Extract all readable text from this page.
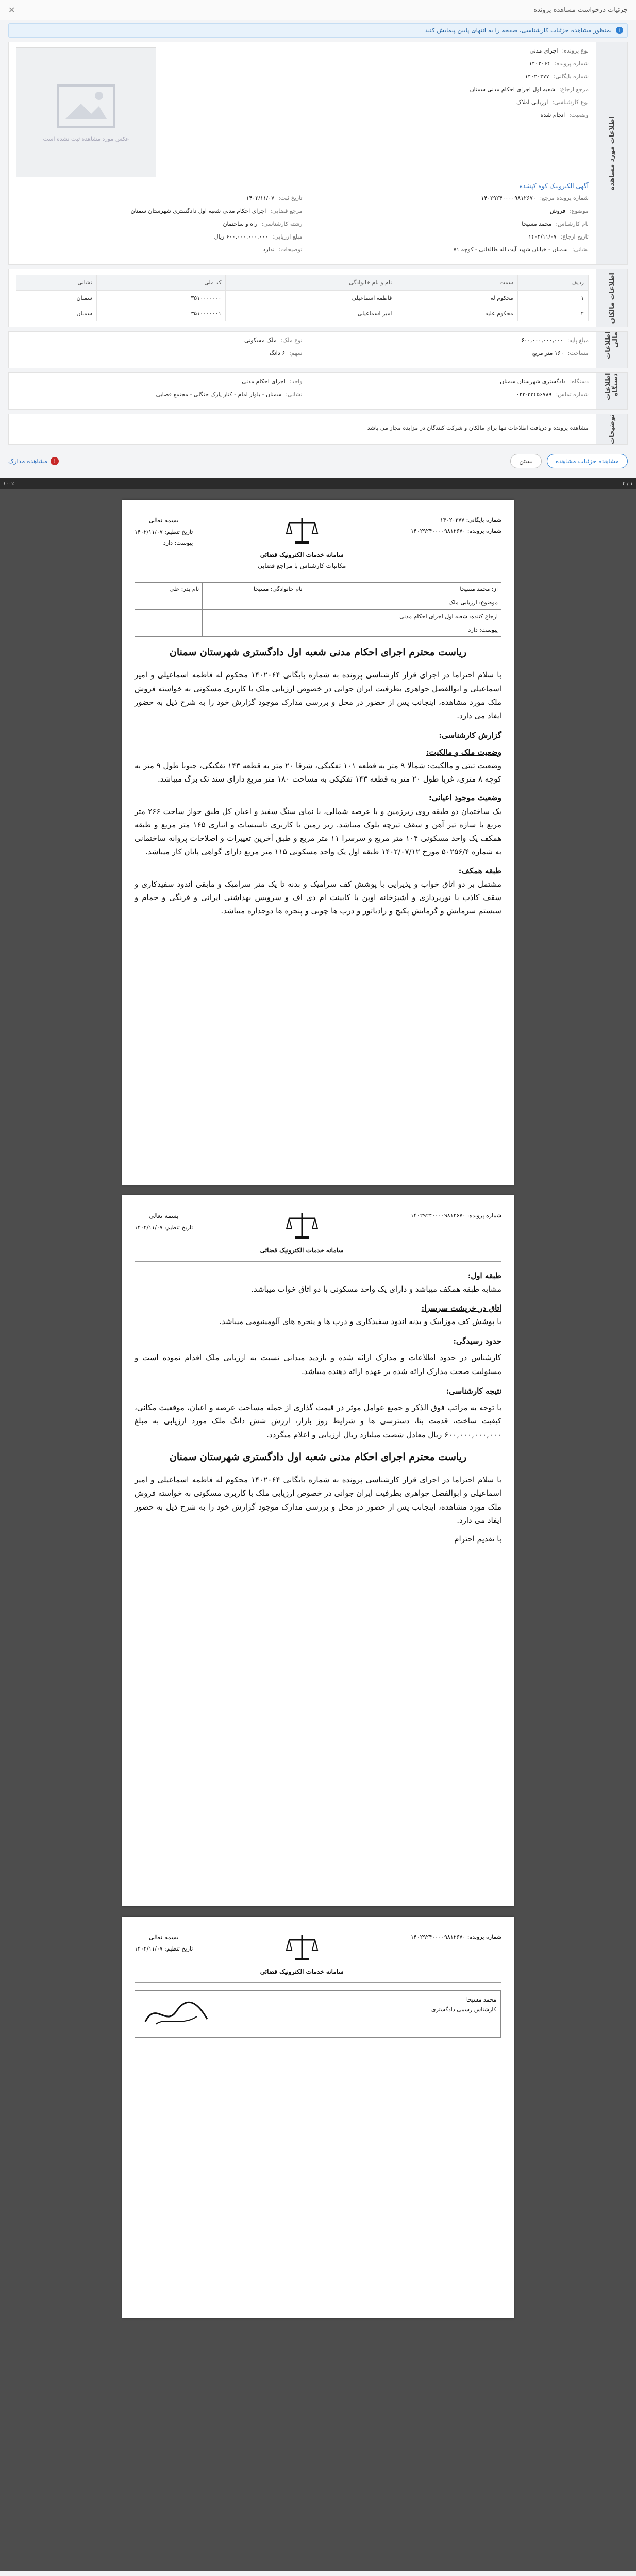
جزئیات درخواست مشاهده پرونده
✕
i
بمنظور مشاهده جزئیات کارشناسی، صفحه را به انتهای پایین پیمایش کنید
اطلاعات مورد مشاهده
نوع پرونده:
اجرای مدنی
شماره پرونده:
۱۴۰۲۰۶۴
شماره بایگانی:
۱۴۰۲۰۲۷۷
مرجع ارجاع:
شعبه اول اجرای احکام مدنی سمنان
نوع کارشناسی:
ارزیابی املاک
وضعیت:
انجام شده
عکس مورد مشاهده ثبت نشده است
آگهی الکترونیک کوه کپشده
شماره پرونده مرجع:
۱۴۰۲۹۲۴۰۰۰۰۹۸۱۲۶۷۰
تاریخ ثبت:
۱۴۰۲/۱۱/۰۷
موضوع:
فروش
مرجع قضایی:
اجرای احکام مدنی شعبه اول دادگستری شهرستان سمنان
نام کارشناس:
محمد مسیحا
رشته کارشناسی:
راه و ساختمان
تاریخ ارجاع:
۱۴۰۲/۱۱/۰۷
مبلغ ارزیابی:
۶۰۰,۰۰۰,۰۰۰,۰۰۰ ریال
نشانی:
سمنان - خیابان شهید آیت اله طالقانی - کوچه ۷۱
توضیحات:
ندارد
اطلاعات مالکان
ردیف	سمت	نام و نام خانوادگی	کد ملی	نشانی
۱	محکوم له	فاطمه اسماعیلی	۳۵۱۰۰۰۰۰۰۰	سمنان
۲	محکوم علیه	امیر اسماعیلی	۳۵۱۰۰۰۰۰۰۱	سمنان
اطلاعات مالی
مبلغ پایه:
۶۰۰,۰۰۰,۰۰۰,۰۰۰
نوع ملک:
ملک مسکونی
مساحت:
۱۶۰ متر مربع
سهم:
۶ دانگ
اطلاعات دستگاه
دستگاه:
دادگستری شهرستان سمنان
واحد:
اجرای احکام مدنی
شماره تماس:
۰۲۳-۳۳۴۵۶۷۸۹
نشانی:
سمنان - بلوار امام - کنار پارک جنگلی - مجتمع قضایی
توضیحات
مشاهده پرونده و دریافت اطلاعات تنها برای مالکان و شرکت کنندگان در مزایده مجاز می باشد
مشاهده جزئیات مشاهده
بستن
!
مشاهده مدارک
۱ / ۴
۱۰۰٪
شماره بایگانی: ۱۴۰۲۰۲۷۷
شماره پرونده: ۱۴۰۲۹۲۴۰۰۰۰۹۸۱۲۶۷۰
سامانه خدمات الکترونیک قضائی
مکاتبات کارشناس با مراجع قضایی
بسمه تعالی
تاریخ تنظیم: ۱۴۰۲/۱۱/۰۷
پیوست: دارد
از: محمد مسیحا	نام خانوادگی: مسیحا	نام پدر: علی
موضوع: ارزیابی ملک		
ارجاع کننده: شعبه اول اجرای احکام مدنی		
پیوست: دارد		
ریاست محترم اجرای احکام مدنی شعبه اول دادگستری شهرستان سمنان
با سلام احتراما در اجرای قرار کارشناسی پرونده به شماره بایگانی ۱۴۰۲۰۶۴ محکوم له فاطمه اسماعیلی و امیر اسماعیلی و ابوالفضل جواهری بطرفیت ایران جوانی در خصوص ارزیابی ملک با کاربری مسکونی به خواسته فروش ملک مورد مشاهده، اینجانب پس از حضور در محل و بررسی مدارک موجود گزارش خود را به شرح ذیل به حضور ایفاد می دارد.
گزارش کارشناسی:
وضعیت ملک و مالکیت:
وضعیت ثبتی و مالکیت: شمالا ۹ متر به قطعه ۱۰۱ تفکیکی، شرقا ۲۰ متر به قطعه ۱۴۳ تفکیکی، جنوبا طول ۹ متر به کوچه ۸ متری، غربا طول ۲۰ متر به قطعه ۱۴۳ تفکیکی به مساحت ۱۸۰ متر مربع دارای سند تک برگ میباشد.
وضعیت موجود اعیانی:
یک ساختمان دو طبقه روی زیرزمین و با عرصه شمالی، با نمای سنگ سفید و اعیان کل طبق جواز ساخت ۲۶۶ متر مربع با سازه تیر آهن و سقف تیرچه بلوک میباشد. زیر زمین با کاربری تاسیسات و انباری ۱۶۵ متر مربع و طبقه همکف یک واحد مسکونی ۱۰۴ متر مربع و سرسرا ۱۱ متر مربع و طبق آخرین تغییرات و اصلاحات پروانه ساختمانی به شماره ۵۰۲۵۶/۴ مورخ ۱۴۰۲/۰۷/۱۲ طبقه اول یک واحد مسکونی ۱۱۵ متر مربع دارای گواهی پایان کار میباشد.
طبقه همکف:
مشتمل بر دو اتاق خواب و پذیرایی با پوشش کف سرامیک و بدنه تا یک متر سرامیک و مابقی اندود سفیدکاری و سقف کاذب با نورپردازی و آشپزخانه اوپن با کابینت ام دی اف و سرویس بهداشتی ایرانی و فرنگی و حمام و سیستم سرمایش و گرمایش پکیج و رادیاتور و درب ها چوبی و پنجره ها دوجداره میباشد.
شماره پرونده: ۱۴۰۲۹۲۴۰۰۰۰۹۸۱۲۶۷۰
سامانه خدمات الکترونیک قضائی
بسمه تعالی
تاریخ تنظیم: ۱۴۰۲/۱۱/۰۷
طبقه اول:
مشابه طبقه همکف میباشد و دارای یک واحد مسکونی با دو اتاق خواب میباشد.
اتاق در خرپشت سرسرا:
با پوشش کف موزاییک و بدنه اندود سفیدکاری و درب ها و پنجره های آلومینیومی میباشد.
حدود رسیدگی:
کارشناس در حدود اطلاعات و مدارک ارائه شده و بازدید میدانی نسبت به ارزیابی ملک اقدام نموده است و مسئولیت صحت مدارک ارائه شده بر عهده ارائه دهنده میباشد.
نتیجه کارشناسی:
با توجه به مراتب فوق الذکر و جمیع عوامل موثر در قیمت گذاری از جمله مساحت عرصه و اعیان، موقعیت مکانی، کیفیت ساخت، قدمت بنا، دسترسی ها و شرایط روز بازار، ارزش شش دانگ ملک مورد ارزیابی به مبلغ ۶۰۰,۰۰۰,۰۰۰,۰۰۰ ریال معادل شصت میلیارد ریال ارزیابی و اعلام میگردد.
ریاست محترم اجرای احکام مدنی شعبه اول دادگستری شهرستان سمنان
با سلام احتراما در اجرای قرار کارشناسی پرونده به شماره بایگانی ۱۴۰۲۰۶۴ محکوم له فاطمه اسماعیلی و امیر اسماعیلی و ابوالفضل جواهری بطرفیت ایران جوانی در خصوص ارزیابی ملک با کاربری مسکونی به خواسته فروش ملک مورد مشاهده، اینجانب پس از حضور در محل و بررسی مدارک موجود گزارش خود را به شرح ذیل به حضور ایفاد می دارد.
با تقدیم احترام
شماره پرونده: ۱۴۰۲۹۲۴۰۰۰۰۹۸۱۲۶۷۰
سامانه خدمات الکترونیک قضائی
بسمه تعالی
تاریخ تنظیم: ۱۴۰۲/۱۱/۰۷
محمد مسیحا
کارشناس رسمی دادگستری
